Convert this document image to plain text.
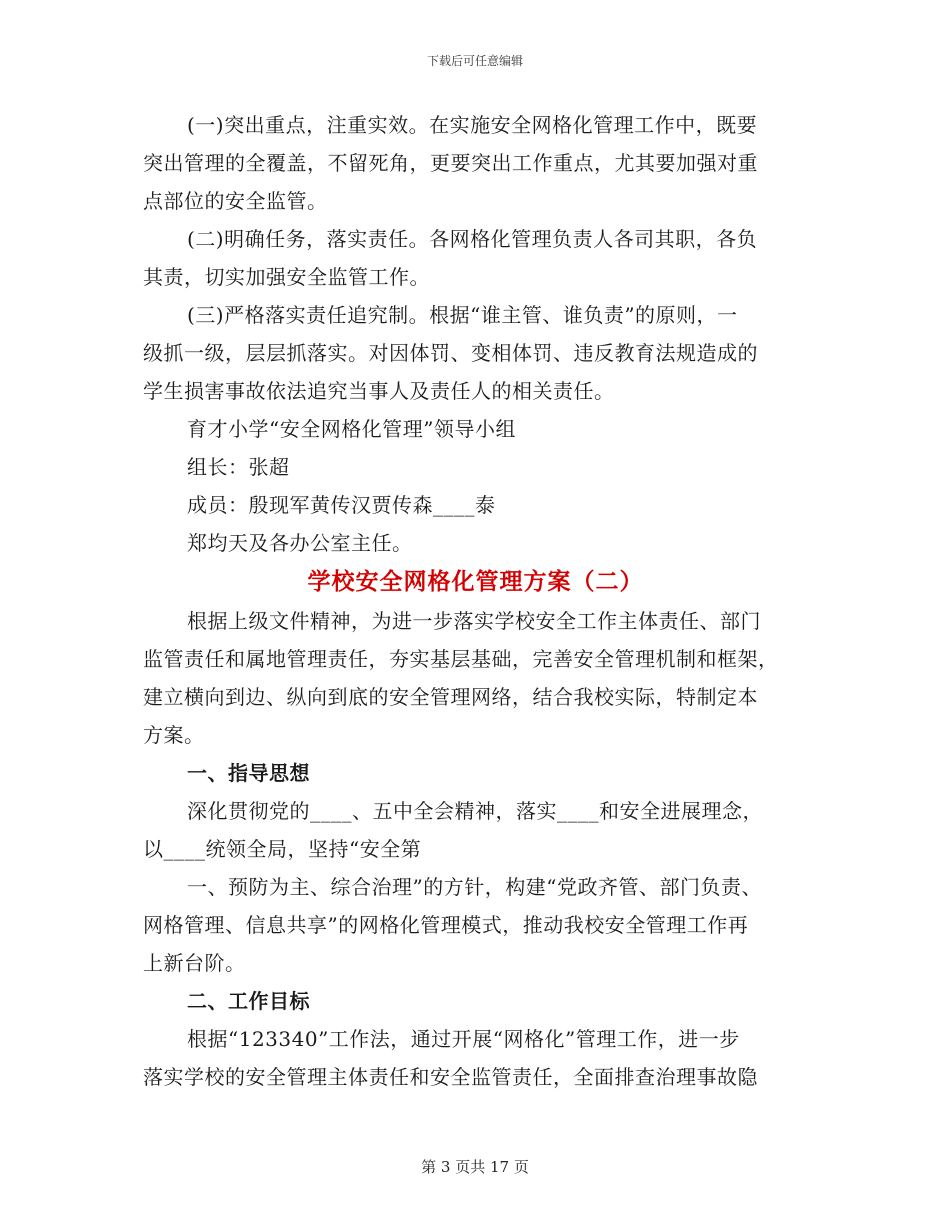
下载后可任意编辑
(一)突出重点，注重实效。在实施安全网格化管理工作中，既要
突出管理的全覆盖，不留死角，更要突出工作重点，尤其要加强对重
点部位的安全监管。
(二)明确任务，落实责任。各网格化管理负责人各司其职，各负
其责，切实加强安全监管工作。
(三)严格落实责任追究制。根据“谁主管、谁负责”的原则，一
级抓一级，层层抓落实。对因体罚、变相体罚、违反教育法规造成的
学生损害事故依法追究当事人及责任人的相关责任。
育才小学“安全网格化管理”领导小组
组长：张超
成员：殷现军黄传汉贾传森____泰
郑均天及各办公室主任。
学校安全网格化管理方案（二）
根据上级文件精神，为进一步落实学校安全工作主体责任、部门
监管责任和属地管理责任，夯实基层基础，完善安全管理机制和框架，
建立横向到边、纵向到底的安全管理网络，结合我校实际，特制定本
方案。
一、指导思想
深化贯彻党的____、五中全会精神，落实____和安全进展理念，
以____统领全局，坚持“安全第
一、预防为主、综合治理”的方针，构建“党政齐管、部门负责、
网格管理、信息共享”的网格化管理模式，推动我校安全管理工作再
上新台阶。
二、工作目标
根据“123340”工作法，通过开展“网格化”管理工作，进一步
落实学校的安全管理主体责任和安全监管责任，全面排查治理事故隐
第 3 页共 17 页
